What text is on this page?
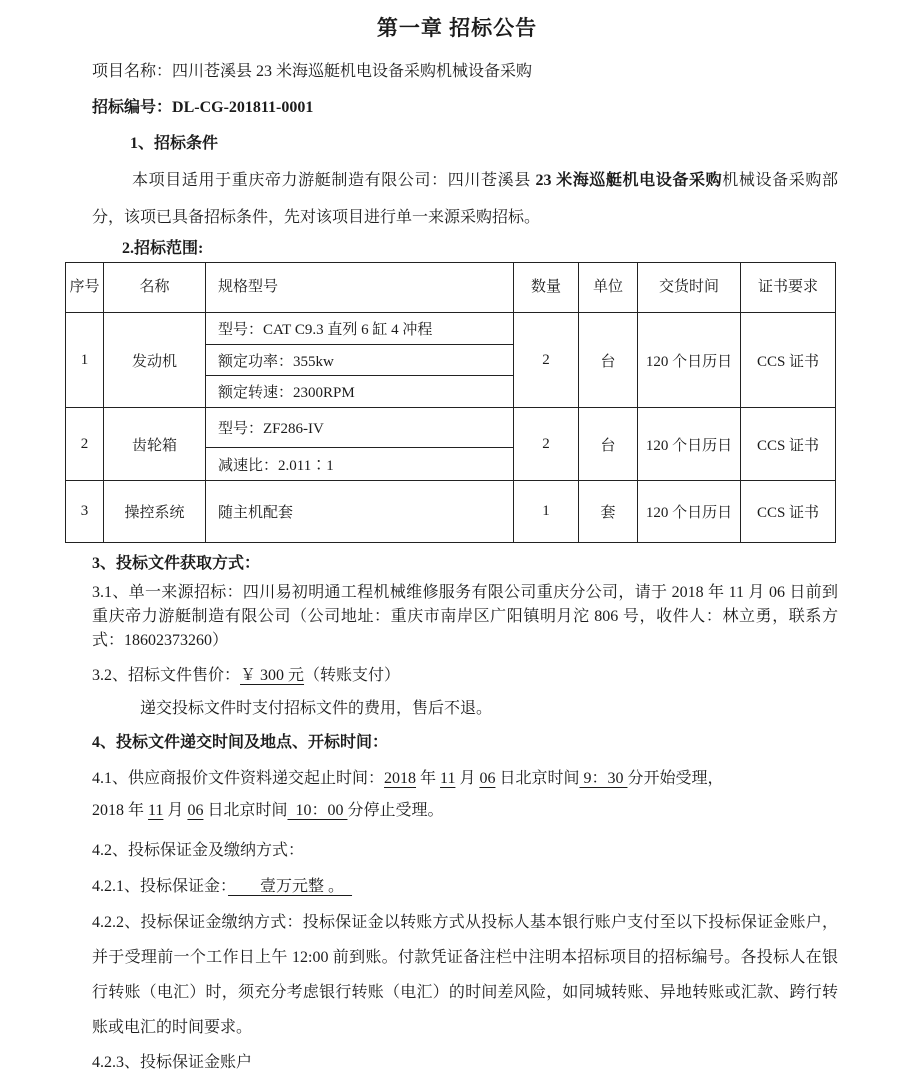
第一章 招标公告

项目名称：四川苍溪县 23 米海巡艇机电设备采购机械设备采购

招标编号：DL-CG-201811-0001

1、招标条件

本项目适用于重庆帝力游艇制造有限公司：四川苍溪县 23 米海巡艇机电设备采购机械设备采购部分，该项已具备招标条件，先对该项目进行单一来源采购招标。

2.招标范围:

序号	名称	规格型号	数量	单位	交货时间	证书要求
1	发动机	型号：CAT C9.3 直列 6 缸 4 冲程	2	台	120 个日历日	CCS 证书
		额定功率：355kw				
		额定转速：2300RPM				
2	齿轮箱	型号：ZF286-IV	2	台	120 个日历日	CCS 证书
		减速比：2.011∶1				
3	操控系统	随主机配套	1	套	120 个日历日	CCS 证书

3、投标文件获取方式：

3.1、单一来源招标：四川易初明通工程机械维修服务有限公司重庆分公司，请于 2018 年 11 月 06 日前到重庆帝力游艇制造有限公司（公司地址：重庆市南岸区广阳镇明月沱 806 号，收件人：林立勇，联系方式：18602373260）

3.2、招标文件售价：￥ 300 元（转账支付）

递交投标文件时支付招标文件的费用，售后不退。

4、投标文件递交时间及地点、开标时间：

4.1、供应商报价文件资料递交起止时间：2018 年 11 月 06 日北京时间 9：30 分开始受理，
2018 年 11 月 06 日北京时间  10：00 分停止受理。

4.2、投标保证金及缴纳方式：

4.2.1、投标保证金：　　壹万元整 。　

4.2.2、投标保证金缴纳方式：投标保证金以转账方式从投标人基本银行账户支付至以下投标保证金账户，并于受理前一个工作日上午 12:00 前到账。付款凭证备注栏中注明本招标项目的招标编号。各投标人在银行转账（电汇）时，须充分考虑银行转账（电汇）的时间差风险，如同城转账、异地转账或汇款、跨行转账或电汇的时间要求。

4.2.3、投标保证金账户
